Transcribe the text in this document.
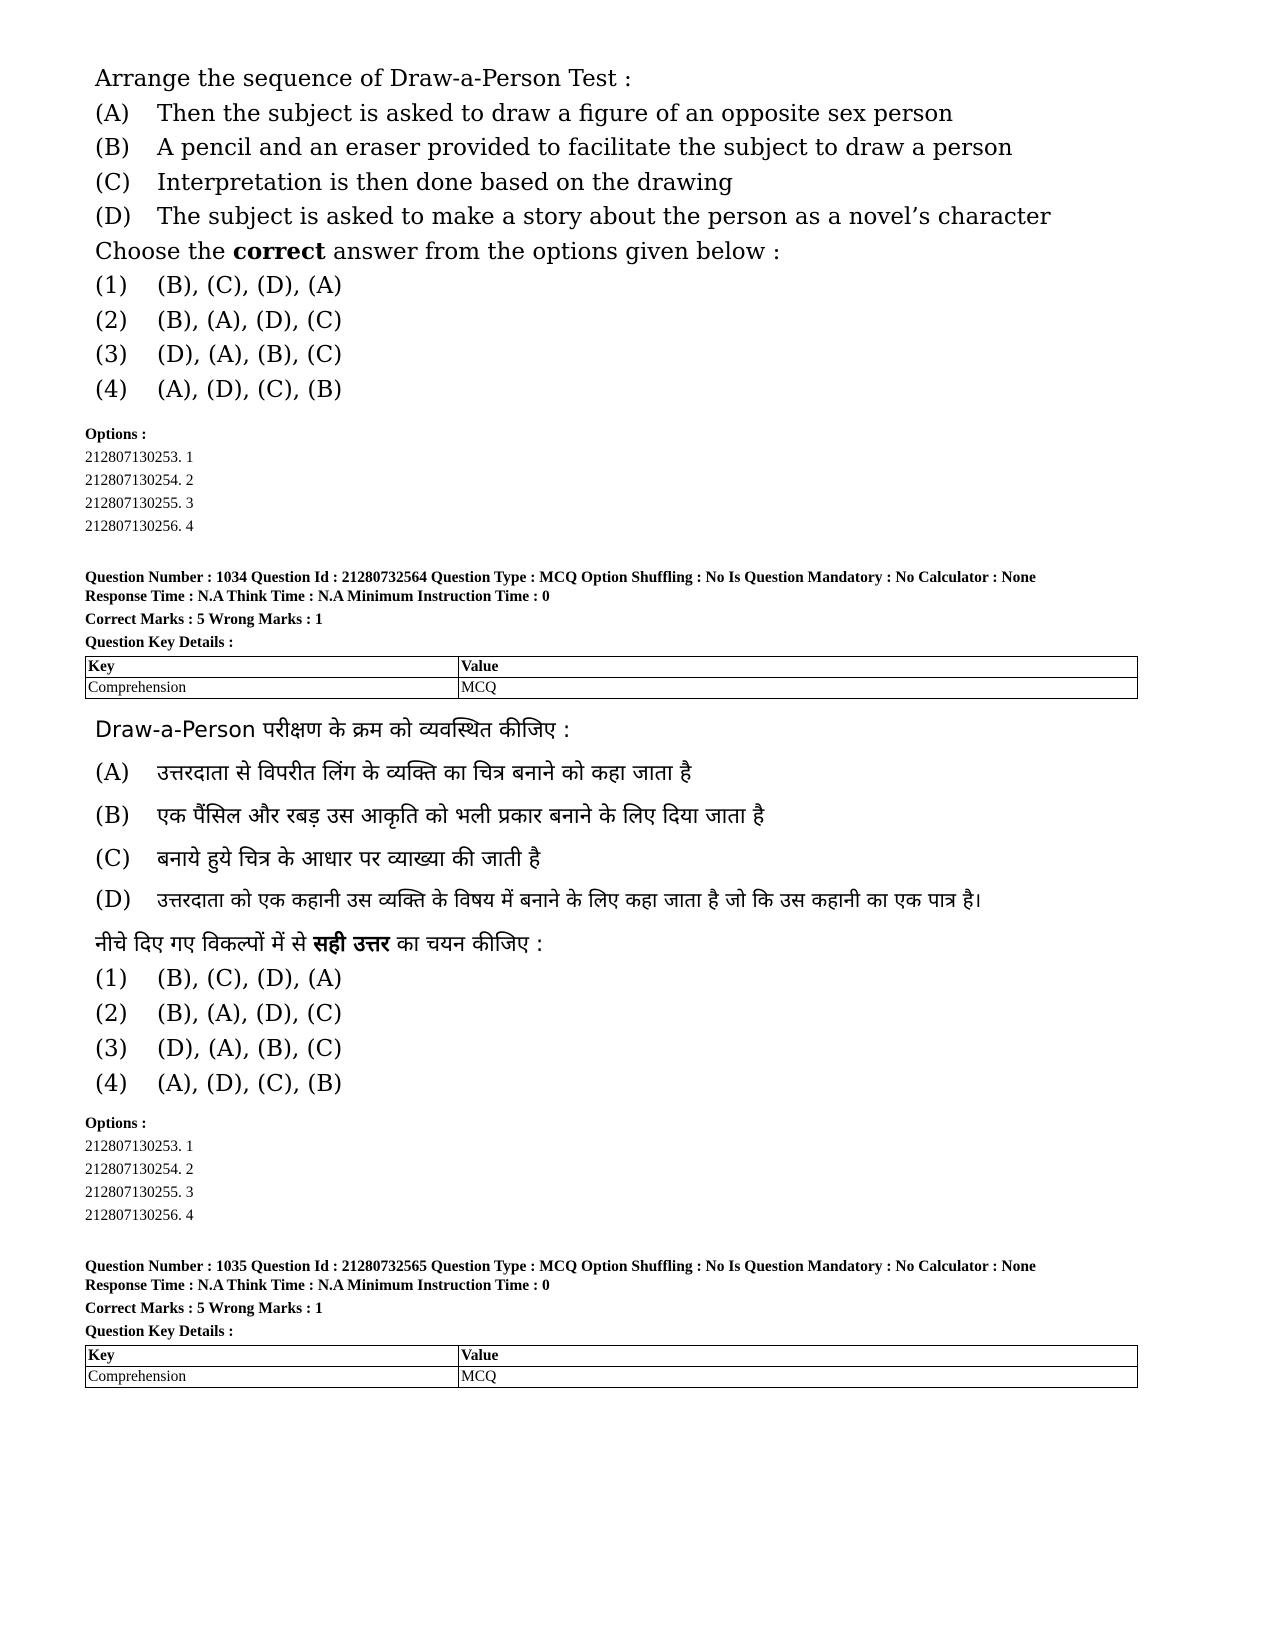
Arrange the sequence of Draw-a-Person Test :

(A)	Then the subject is asked to draw a figure of an opposite sex person
(B)	A pencil and an eraser provided to facilitate the subject to draw a person
(C)	Interpretation is then done based on the drawing
(D)	The subject is asked to make a story about the person as a novel’s character

Choose the correct answer from the options given below :

(1)	(B), (C), (D), (A)
(2)	(B), (A), (D), (C)
(3)	(D), (A), (B), (C)
(4)	(A), (D), (C), (B)
Options :
212807130253. 1
212807130254. 2
212807130255. 3
212807130256. 4

Question Number : 1034 Question Id : 21280732564 Question Type : MCQ Option Shuffling : No Is Question Mandatory : No Calculator : None

Response Time : N.A Think Time : N.A Minimum Instruction Time : 0

Correct Marks : 5 Wrong Marks : 1

Question Key Details :

Key	Value
Comprehension	MCQ
Draw-a-Person परीक्षण के क्रम को व्यवस्थित कीजिए :
(A) उत्तरदाता से विपरीत लिंग के व्यक्ति का चित्र बनाने को कहा जाता है
(B) एक पैंसिल और रबड़ उस आकृति को भली प्रकार बनाने के लिए दिया जाता है
(C) बनाये हुये चित्र के आधार पर व्याख्या की जाती है
(D) उत्तरदाता को एक कहानी उस व्यक्ति के विषय में बनाने के लिए कहा जाता है जो कि उस कहानी का एक पात्र है।
नीचे दिए गए विकल्पों में से सही उत्तर का चयन कीजिए :
(1) (B), (C), (D), (A)
(2) (B), (A), (D), (C)
(3) (D), (A), (B), (C)
(4) (A), (D), (C), (B)
Options :
212807130253. 1
212807130254. 2
212807130255. 3
212807130256. 4

Question Number : 1035 Question Id : 21280732565 Question Type : MCQ Option Shuffling : No Is Question Mandatory : No Calculator : None

Response Time : N.A Think Time : N.A Minimum Instruction Time : 0

Correct Marks : 5 Wrong Marks : 1

Question Key Details :

Key	Value
Comprehension	MCQ
